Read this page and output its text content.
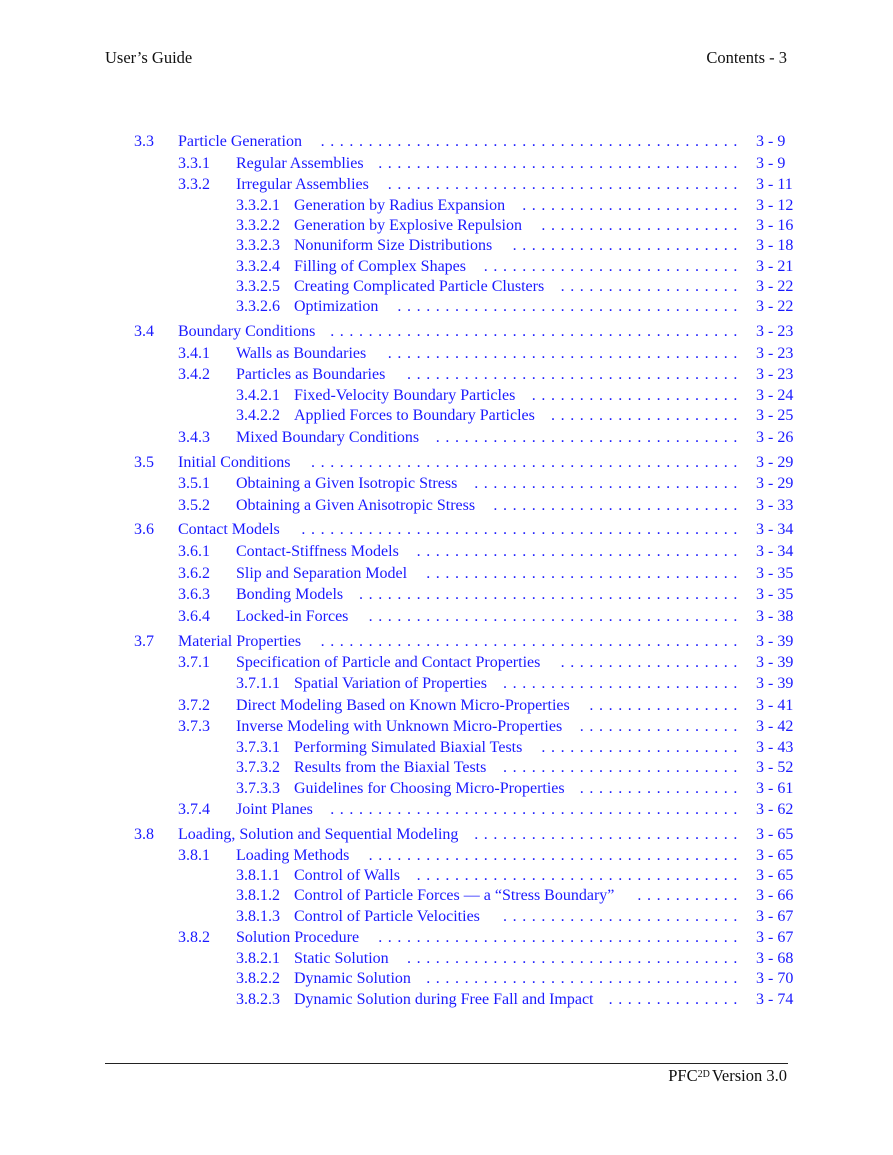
User’s Guide	Contents - 3
3.3 Particle Generation ............................................ 3 - 9
3.3.1 Regular Assemblies ...................................... 3 - 9
3.3.2 Irregular Assemblies ..................................... 3 - 11
3.3.2.1 Generation by Radius Expansion ....................... 3 - 12
3.3.2.2 Generation by Explosive Repulsion	..................... 3 - 16
3.3.2.3 Nonuniform Size Distributions	........................ 3 - 18
3.3.2.4 Filling of Complex Shapes ........................... 3 - 21
3.3.2.5 Creating Complicated Particle Clusters ................... 3 - 22
3.3.2.6 Optimization	.................................... 3 - 22
3.4 Boundary Conditions ........................................... 3 - 23
3.4.1 Walls as Boundaries	..................................... 3 - 23
3.4.2 Particles as Boundaries	................................... 3 - 23
3.4.2.1 Fixed-Velocity Boundary Particles ...................... 3 - 24
3.4.2.2 Applied Forces to Boundary Particles .................... 3 - 25
3.4.3 Mixed Boundary Conditions ................................ 3 - 26
3.5 Initial Conditions	............................................. 3 - 29
3.5.1 Obtaining a Given Isotropic Stress ............................ 3 - 29
3.5.2 Obtaining a Given Anisotropic Stress .......................... 3 - 33
3.6 Contact Models	.............................................. 3 - 34
3.6.1 Contact-Stiffness Models .................................. 3 - 34
3.6.2 Slip and Separation Model	................................. 3 - 35
3.6.3 Bonding Models ........................................ 3 - 35
3.6.4 Locked-in Forces	....................................... 3 - 38
3.7 Material Properties	............................................ 3 - 39
3.7.1 Specification of Particle and Contact Properties	................... 3 - 39
3.7.1.1 Spatial Variation of Properties ......................... 3 - 39
3.7.2 Direct Modeling Based on Known Micro-Properties	................ 3 - 41
3.7.3 Inverse Modeling with Unknown Micro-Properties ................. 3 - 42
3.7.3.1 Performing Simulated Biaxial Tests	..................... 3 - 43
3.7.3.2 Results from the Biaxial Tests ......................... 3 - 52
3.7.3.3 Guidelines for Choosing Micro-Properties ................. 3 - 61
3.7.4 Joint Planes ........................................... 3 - 62
3.8 Loading, Solution and Sequential Modeling ............................ 3 - 65
3.8.1 Loading Methods	....................................... 3 - 65
3.8.1.1 Control of Walls .................................. 3 - 65
3.8.1.2 Control of Particle Forces — a “Stress Boundary”	........... 3 - 66
3.8.1.3 Control of Particle Velocities	......................... 3 - 67
3.8.2 Solution Procedure	...................................... 3 - 67
3.8.2.1 Static Solution ................................... 3 - 68
3.8.2.2 Dynamic Solution ................................. 3 - 70
3.8.2.3 Dynamic Solution during Free Fall and Impact .............. 3 - 74
$PFC^{2D}$ Version 3.0
